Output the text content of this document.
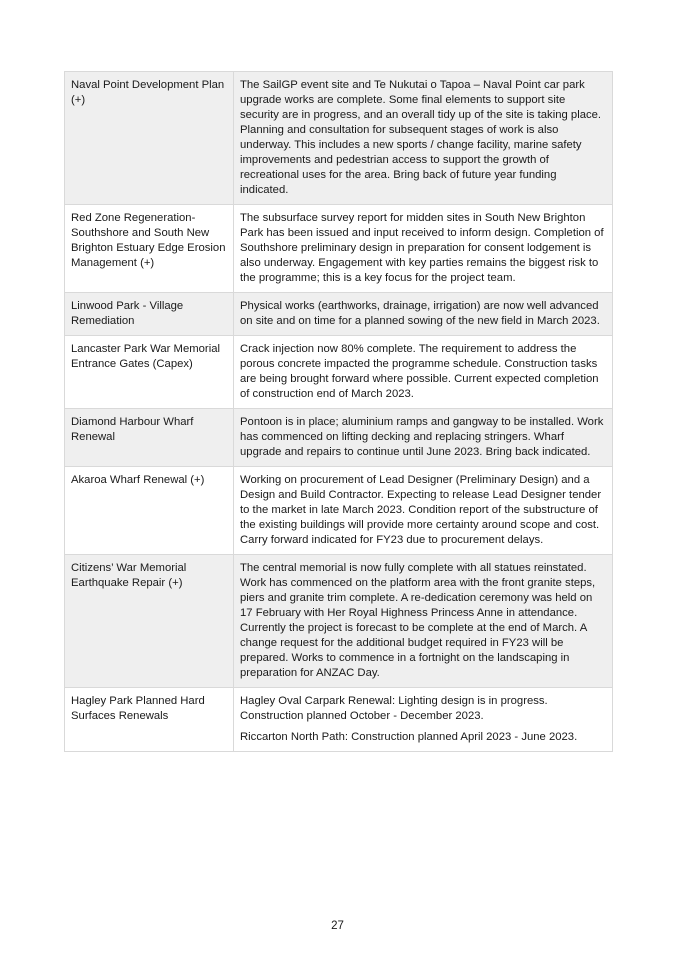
Naval Point Development Plan (+)	The SailGP event site and Te Nukutai o Tapoa – Naval Point car park upgrade works are complete. Some final elements to support site security are in progress, and an overall tidy up of the site is taking place. Planning and consultation for subsequent stages of work is also underway. This includes a new sports / change facility, marine safety improvements and pedestrian access to support the growth of recreational uses for the area. Bring back of future year funding indicated.

Red Zone Regeneration- Southshore and South New Brighton Estuary Edge Erosion Management (+)	The subsurface survey report for midden sites in South New Brighton Park has been issued and input received to inform design. Completion of Southshore preliminary design in preparation for consent lodgement is also underway. Engagement with key parties remains the biggest risk to the programme; this is a key focus for the project team.

Linwood Park - Village Remediation	Physical works (earthworks, drainage, irrigation) are now well advanced on site and on time for a planned sowing of the new field in March 2023.

Lancaster Park War Memorial Entrance Gates (Capex)	Crack injection now 80% complete. The requirement to address the porous concrete impacted the programme schedule. Construction tasks are being brought forward where possible. Current expected completion of construction end of March 2023.

Diamond Harbour Wharf Renewal	Pontoon is in place; aluminium ramps and gangway to be installed. Work has commenced on lifting decking and replacing stringers. Wharf upgrade and repairs to continue until June 2023. Bring back indicated.

Akaroa Wharf Renewal (+)	Working on procurement of Lead Designer (Preliminary Design) and a Design and Build Contractor. Expecting to release Lead Designer tender to the market in late March 2023. Condition report of the substructure of the existing buildings will provide more certainty around scope and cost. Carry forward indicated for FY23 due to procurement delays.

Citizens’ War Memorial Earthquake Repair (+)	The central memorial is now fully complete with all statues reinstated. Work has commenced on the platform area with the front granite steps, piers and granite trim complete. A re-dedication ceremony was held on 17 February with Her Royal Highness Princess Anne in attendance. Currently the project is forecast to be complete at the end of March. A change request for the additional budget required in FY23 will be prepared. Works to commence in a fortnight on the landscaping in preparation for ANZAC Day.

Hagley Park Planned Hard Surfaces Renewals	Hagley Oval Carpark Renewal: Lighting design is in progress. Construction planned October - December 2023.

Riccarton North Path: Construction planned April 2023 - June 2023.

27
